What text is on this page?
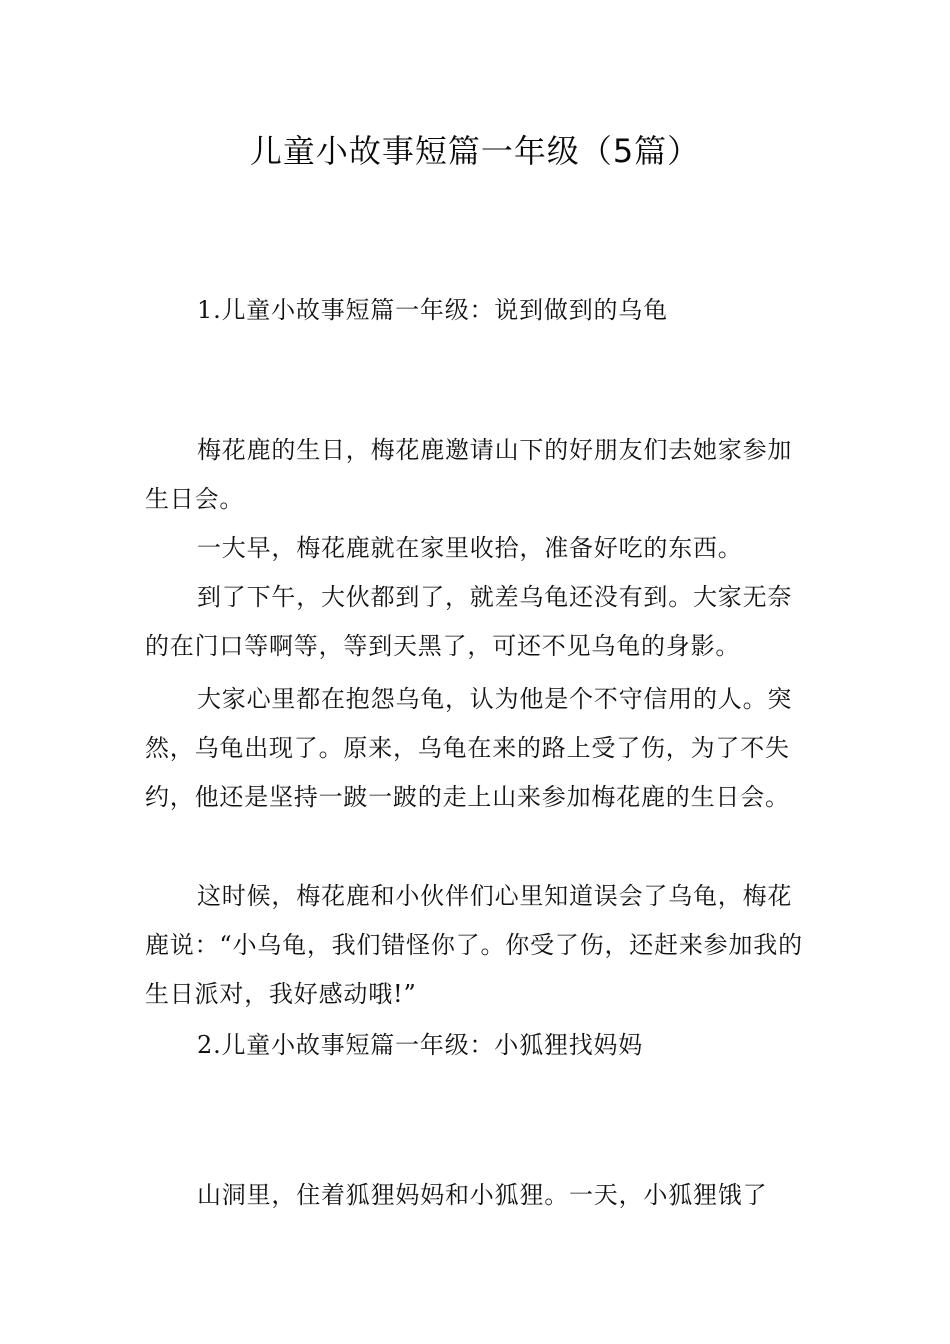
儿童小故事短篇一年级（5篇）

1.儿童小故事短篇一年级：说到做到的乌龟

梅花鹿的生日，梅花鹿邀请山下的好朋友们去她家参加生日会。

一大早，梅花鹿就在家里收拾，准备好吃的东西。

到了下午，大伙都到了，就差乌龟还没有到。大家无奈的在门口等啊等，等到天黑了，可还不见乌龟的身影。

大家心里都在抱怨乌龟，认为他是个不守信用的人。突然，乌龟出现了。原来，乌龟在来的路上受了伤，为了不失约，他还是坚持一跛一跛的走上山来参加梅花鹿的生日会。

这时候，梅花鹿和小伙伴们心里知道误会了乌龟，梅花鹿说：“小乌龟，我们错怪你了。你受了伤，还赶来参加我的生日派对，我好感动哦!”

2.儿童小故事短篇一年级：小狐狸找妈妈

山洞里，住着狐狸妈妈和小狐狸。一天，小狐狸饿了
